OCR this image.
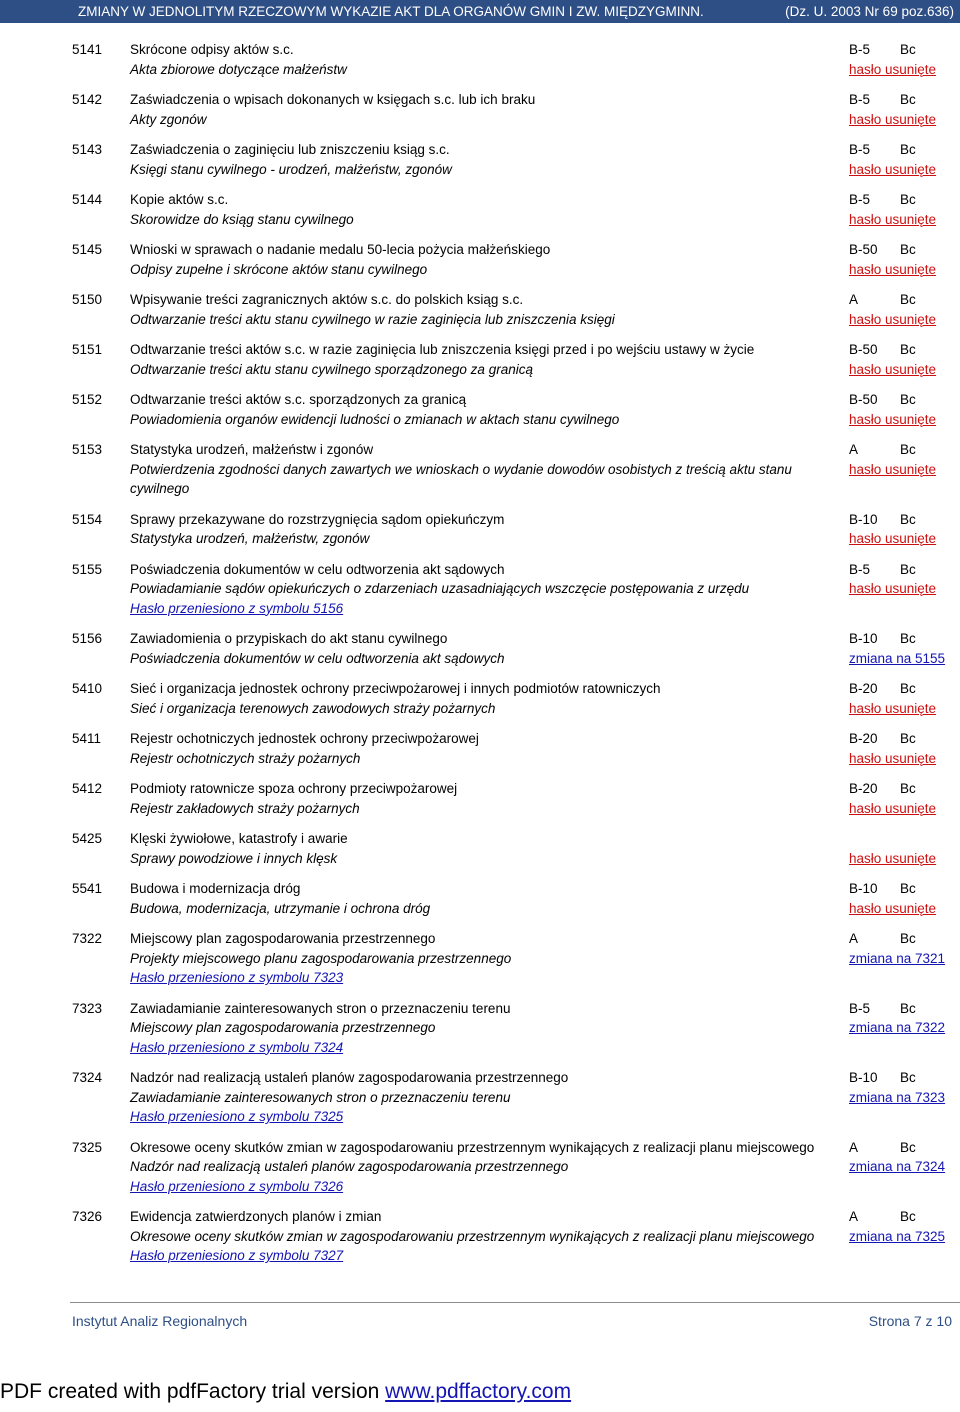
ZMIANY W JEDNOLITYM RZECZOWYM WYKAZIE AKT DLA ORGANÓW GMIN I ZW. MIĘDZYGMINN.	(Dz. U. 2003 Nr 69 poz.636)
5141 Skrócone odpisy aktów s.c.	B-5 Bc
Akta zbiorowe dotyczące małżeństw	hasło usunięte
5142 Zaświadczenia o wpisach dokonanych w księgach s.c. lub ich braku	B-5 Bc
Akty zgonów	hasło usunięte
5143 Zaświadczenia o zaginięciu lub zniszczeniu ksiąg s.c.	B-5 Bc
Księgi stanu cywilnego - urodzeń, małżeństw, zgonów	hasło usunięte
5144 Kopie aktów s.c.	B-5 Bc
Skorowidze do ksiąg stanu cywilnego	hasło usunięte
5145 Wnioski w sprawach o nadanie medalu 50-lecia pożycia małżeńskiego	B-50 Bc
Odpisy zupełne i skrócone aktów stanu cywilnego	hasło usunięte
5150 Wpisywanie treści zagranicznych aktów s.c. do polskich ksiąg s.c.	A	Bc
Odtwarzanie treści aktu stanu cywilnego w razie zaginięcia lub zniszczenia księgi	hasło usunięte
5151 Odtwarzanie treści aktów s.c. w razie zaginięcia lub zniszczenia księgi przed i po wejściu ustawy w życie	B-50 Bc
Odtwarzanie treści aktu stanu cywilnego sporządzonego za granicą	hasło usunięte
5152 Odtwarzanie treści aktów s.c. sporządzonych za granicą	B-50 Bc
Powiadomienia organów ewidencji ludności o zmianach w aktach stanu cywilnego	hasło usunięte
5153 Statystyka urodzeń, małżeństw i zgonów	A	Bc
Potwierdzenia zgodności danych zawartych we wnioskach o wydanie dowodów osobistych z treścią aktu stanu cywilnego
hasło usunięte
5154 Sprawy przekazywane do rozstrzygnięcia sądom opiekuńczym	B-10 Bc
Statystyka urodzeń, małżeństw, zgonów	hasło usunięte
5155 Poświadczenia dokumentów w celu odtworzenia akt sądowych	B-5 Bc
Powiadamianie sądów opiekuńczych o zdarzeniach uzasadniających wszczęcie postępowania z urzędu	hasło usunięte
Hasło przeniesiono z symbolu 5156
5156 Zawiadomienia o przypiskach do akt stanu cywilnego	B-10 Bc
Poświadczenia dokumentów w celu odtworzenia akt sądowych	zmiana na 5155
5410 Sieć i organizacja jednostek ochrony przeciwpożarowej i innych podmiotów ratowniczych	B-20 Bc
Sieć i organizacja terenowych zawodowych straży pożarnych	hasło usunięte
5411 Rejestr ochotniczych jednostek ochrony przeciwpożarowej	B-20 Bc
Rejestr ochotniczych straży pożarnych	hasło usunięte
5412 Podmioty ratownicze spoza ochrony przeciwpożarowej	B-20 Bc
Rejestr zakładowych straży pożarnych	hasło usunięte
5425 Klęski żywiołowe, katastrofy i awarie
Sprawy powodziowe i innych klęsk	hasło usunięte
5541 Budowa i modernizacja dróg	B-10 Bc
Budowa, modernizacja, utrzymanie i ochrona dróg	hasło usunięte
7322 Miejscowy plan zagospodarowania przestrzennego	A	Bc
Projekty miejscowego planu zagospodarowania przestrzennego	zmiana na 7321
Hasło przeniesiono z symbolu 7323
7323 Zawiadamianie zainteresowanych stron o przeznaczeniu terenu	B-5 Bc
Miejscowy plan zagospodarowania przestrzennego	zmiana na 7322
Hasło przeniesiono z symbolu 7324
7324 Nadzór nad realizacją ustaleń planów zagospodarowania przestrzennego	B-10 Bc
Zawiadamianie zainteresowanych stron o przeznaczeniu terenu	zmiana na 7323
Hasło przeniesiono z symbolu 7325
7325 Okresowe oceny skutków zmian w zagospodarowaniu przestrzennym wynikających z realizacji planu miejscowego	A	Bc
Nadzór nad realizacją ustaleń planów zagospodarowania przestrzennego	zmiana na 7324
Hasło przeniesiono z symbolu 7326
7326 Ewidencja zatwierdzonych planów i zmian	A	Bc
Okresowe oceny skutków zmian w zagospodarowaniu przestrzennym wynikających z realizacji planu miejscowego	zmiana na 7325
Hasło przeniesiono z symbolu 7327
Instytut Analiz Regionalnych	Strona 7 z 10
PDF created with pdfFactory trial version www.pdffactory.com
